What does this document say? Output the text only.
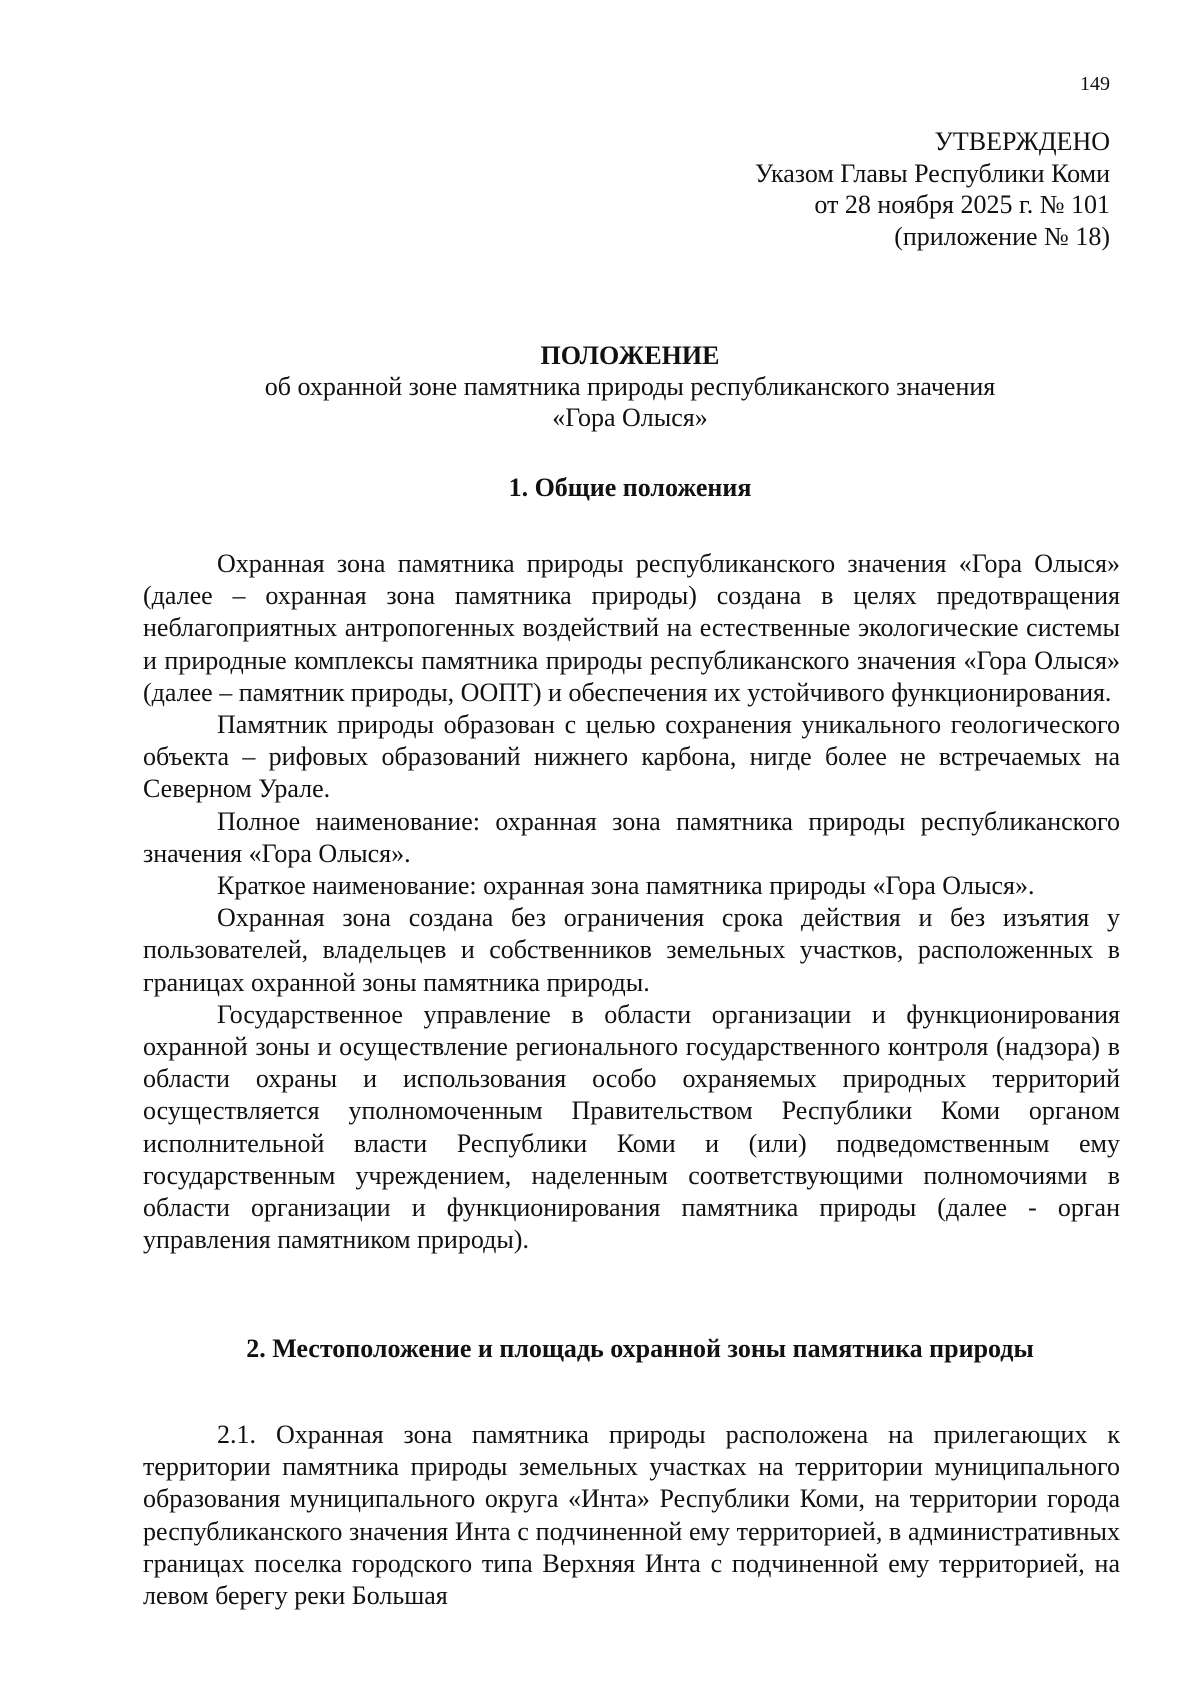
149
УТВЕРЖДЕНО
Указом Главы Республики Коми
от 28 ноября 2025 г. № 101
(приложение № 18)
ПОЛОЖЕНИЕ
об охранной зоне памятника природы республиканского значения
«Гора Олыся»
1. Общие положения

Охранная зона памятника природы республиканского значения «Гора Олыся» (далее – охранная зона памятника природы) создана в целях предотвращения неблагоприятных антропогенных воздействий на естественные экологические системы и природные комплексы памятника природы республиканского значения «Гора Олыся» (далее – памятник природы, ООПТ) и обеспечения их устойчивого функционирования.

Памятник природы образован с целью сохранения уникального геологического объекта – рифовых образований нижнего карбона, нигде более не встречаемых на Северном Урале.

Полное наименование: охранная зона памятника природы республиканского значения «Гора Олыся».

Краткое наименование: охранная зона памятника природы «Гора Олыся».

Охранная зона создана без ограничения срока действия и без изъятия у пользователей, владельцев и собственников земельных участков, расположенных в границах охранной зоны памятника природы.

Государственное управление в области организации и функционирования охранной зоны и осуществление регионального государственного контроля (надзора) в области охраны и использования особо охраняемых природных территорий осуществляется уполномоченным Правительством Республики Коми органом исполнительной власти Республики Коми и (или) подведомственным ему государственным учреждением, наделенным соответствующими полномочиями в области организации и функционирования памятника природы (далее - орган управления памятником природы).

2. Местоположение и площадь охранной зоны памятника природы

2.1. Охранная зона памятника природы расположена на прилегающих к территории памятника природы земельных участках на территории муниципального образования муниципального округа «Инта» Республики Коми, на территории города республиканского значения Инта с подчиненной ему территорией, в административных границах поселка городского типа Верхняя Инта с подчиненной ему территорией, на левом берегу реки Большая
